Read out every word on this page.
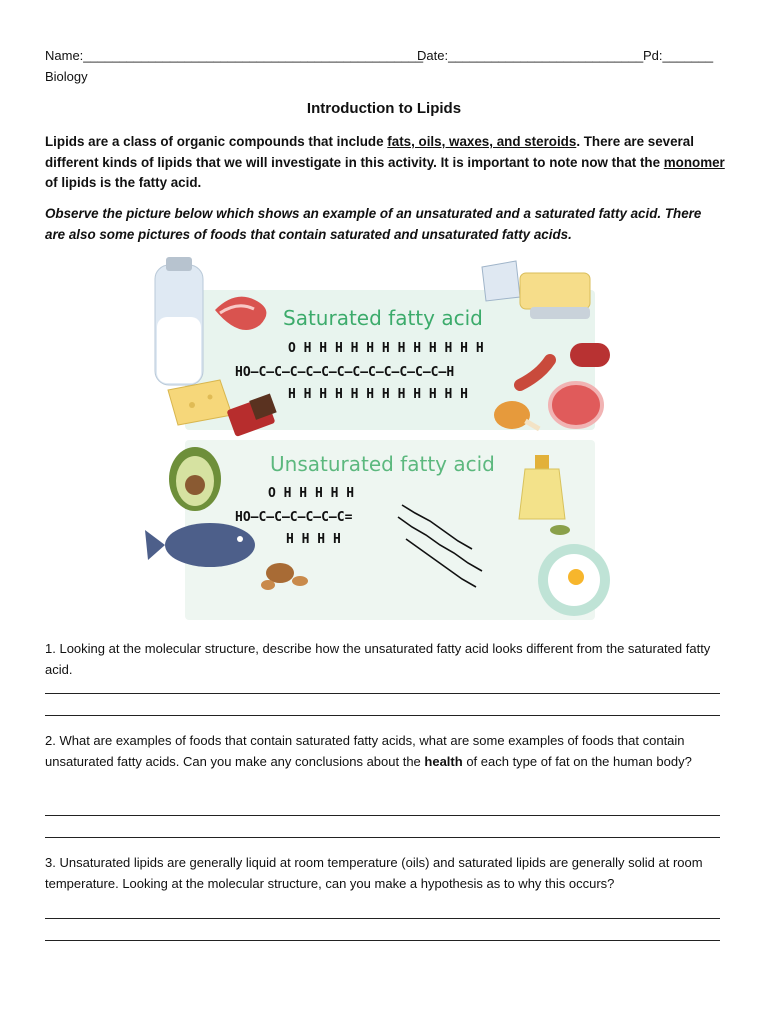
Name:_______________________________________________
Date:___________________________ Pd:_______
Biology
Introduction to Lipids
Lipids are a class of organic compounds that include fats, oils, waxes, and steroids. There are several different kinds of lipids that we will investigate in this activity. It is important to note now that the monomer of lipids is the fatty acid.
Observe the picture below which shows an example of an unsaturated and a saturated fatty acid. There are also some pictures of foods that contain saturated and unsaturated fatty acids.
Saturated fatty acid
Unsaturated fatty acid
O H H H H H H H H H H H H
HO–C–C–C–C–C–C–C–C–C–C–C–C–H
H H H H H H H H H H H H
O H H H H H
HO–C–C–C–C–C–C=
H H H H
1. Looking at the molecular structure, describe how the unsaturated fatty acid looks different from the saturated fatty acid.
2. What are examples of foods that contain saturated fatty acids, what are some examples of foods that contain unsaturated fatty acids. Can you make any conclusions about the health of each type of fat on the human body?
3. Unsaturated lipids are generally liquid at room temperature (oils) and saturated lipids are generally solid at room temperature. Looking at the molecular structure, can you make a hypothesis as to why this occurs?
